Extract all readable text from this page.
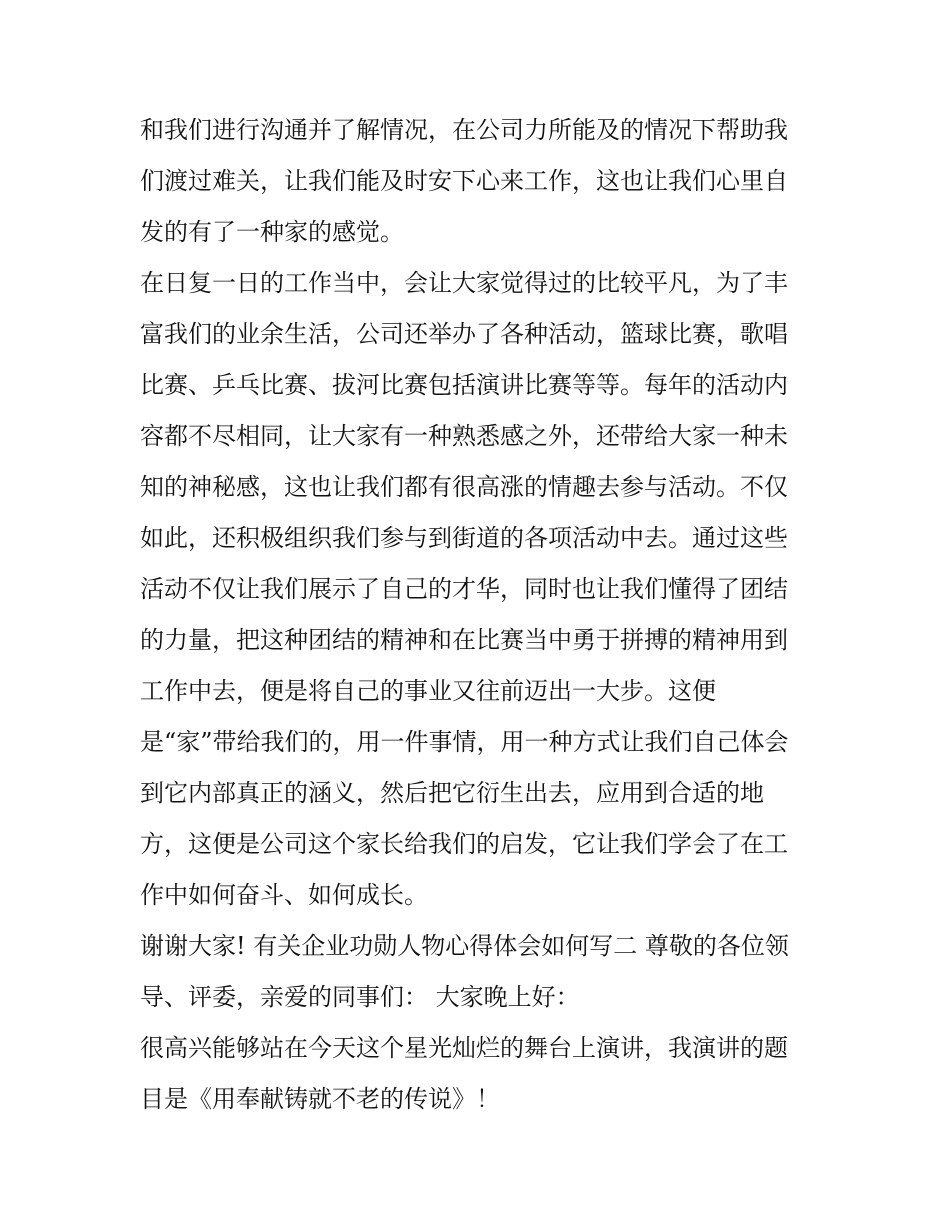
和我们进行沟通并了解情况，在公司力所能及的情况下帮助我
们渡过难关，让我们能及时安下心来工作，这也让我们心里自
发的有了一种家的感觉。
在日复一日的工作当中，会让大家觉得过的比较平凡，为了丰
富我们的业余生活，公司还举办了各种活动，篮球比赛，歌唱
比赛、乒乓比赛、拔河比赛包括演讲比赛等等。每年的活动内
容都不尽相同，让大家有一种熟悉感之外，还带给大家一种未
知的神秘感，这也让我们都有很高涨的情趣去参与活动。不仅
如此，还积极组织我们参与到街道的各项活动中去。通过这些
活动不仅让我们展示了自己的才华，同时也让我们懂得了团结
的力量，把这种团结的精神和在比赛当中勇于拼搏的精神用到
工作中去，便是将自己的事业又往前迈出一大步。这便
是“家”带给我们的，用一件事情，用一种方式让我们自己体会
到它内部真正的涵义，然后把它衍生出去，应用到合适的地
方，这便是公司这个家长给我们的启发，它让我们学会了在工
作中如何奋斗、如何成长。
谢谢大家! 有关企业功勋人物心得体会如何写二 尊敬的各位领
导、评委，亲爱的同事们： 大家晚上好：
很高兴能够站在今天这个星光灿烂的舞台上演讲，我演讲的题
目是《用奉献铸就不老的传说》！
